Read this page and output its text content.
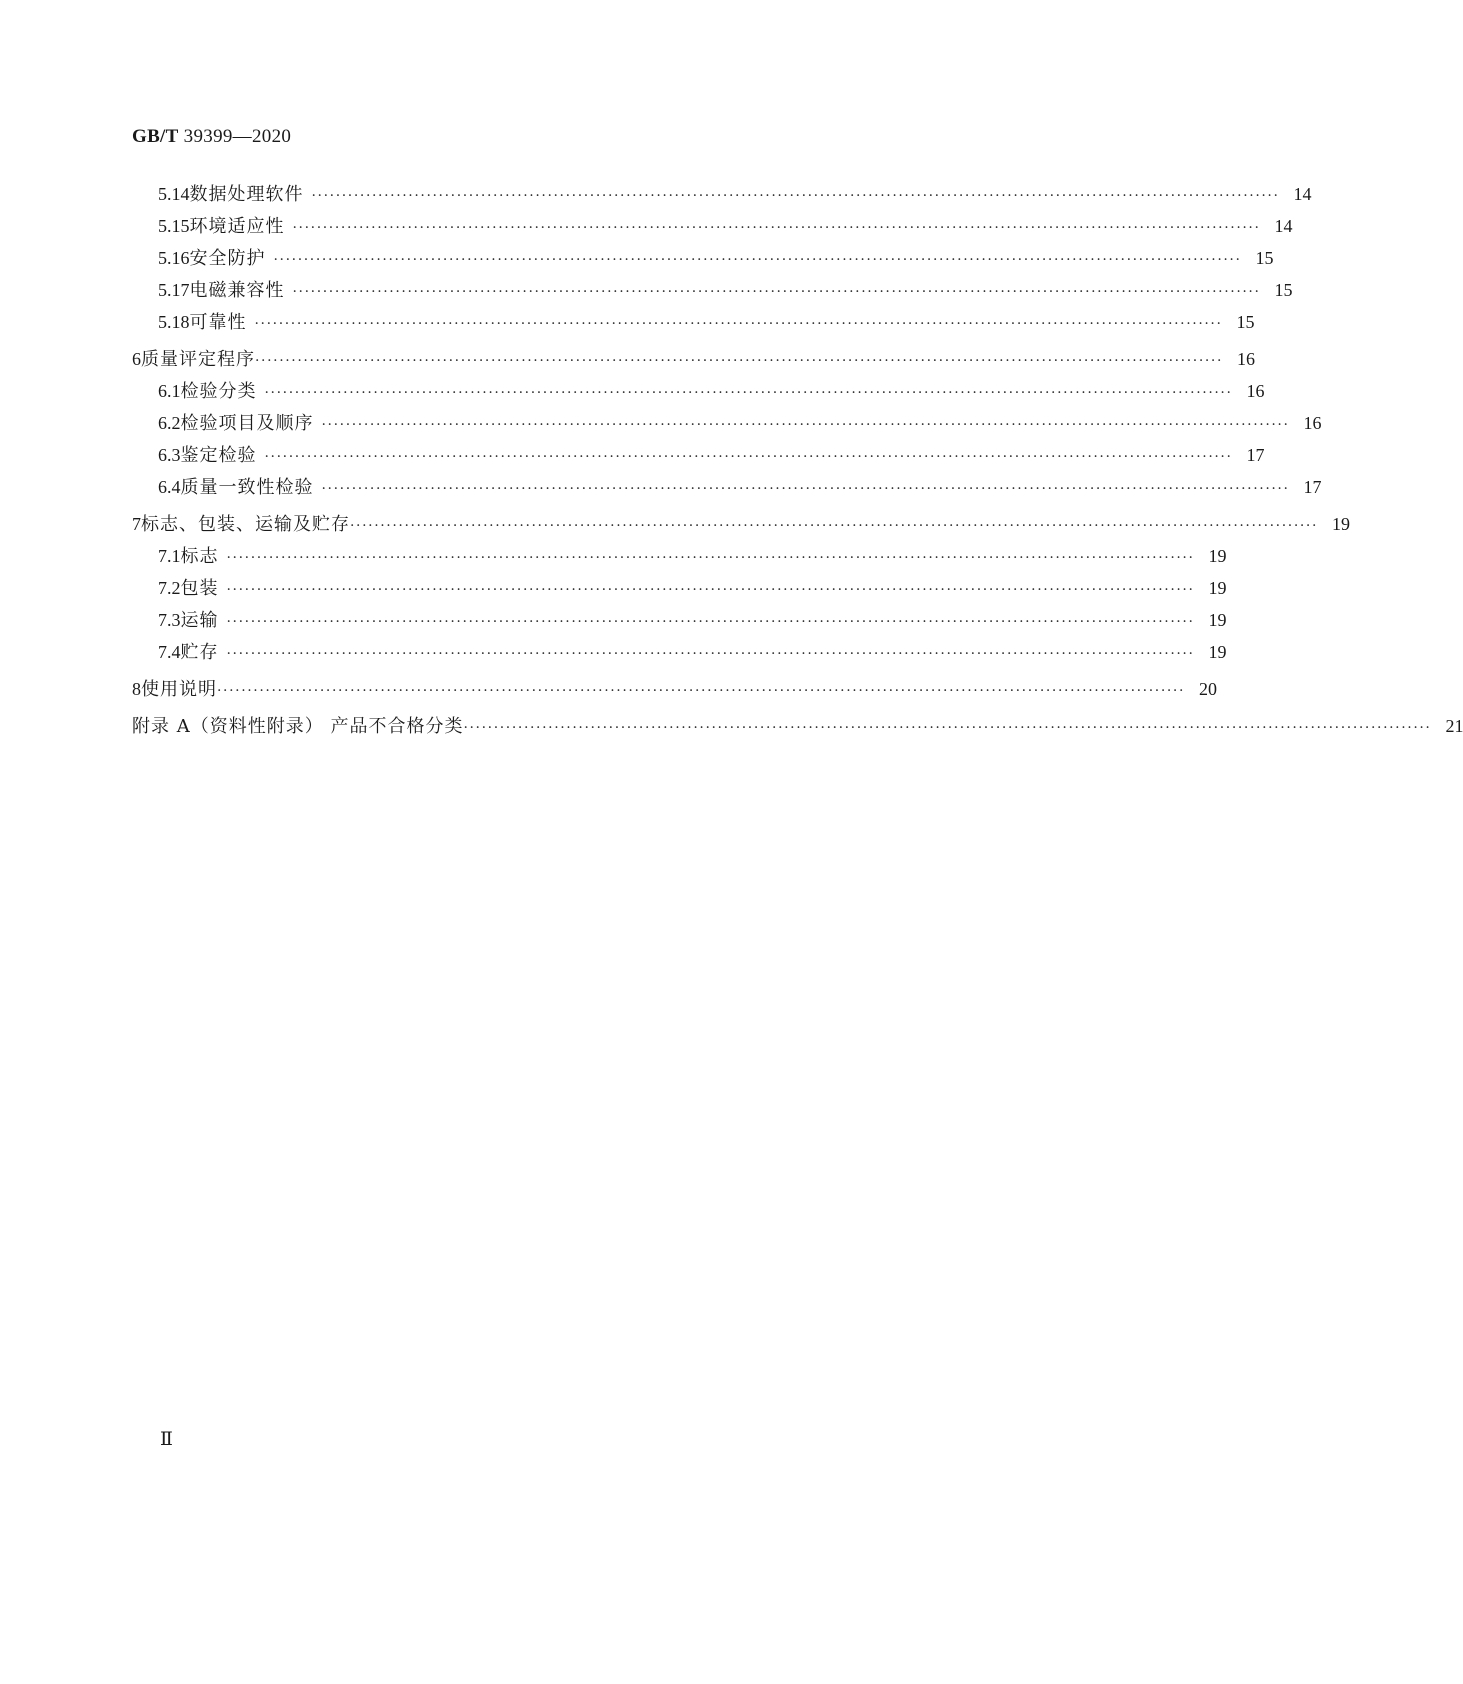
GB/T 39399—2020
5.14 数据处理软件 ································································································································································ 14
5.15 环境适应性 ································································································································································ 14
5.16 安全防护 ································································································································································ 15
5.17 电磁兼容性 ································································································································································ 15
5.18 可靠性 ································································································································································ 15
6 质量评定程序 ································································································································································ 16
6.1 检验分类 ································································································································································ 16
6.2 检验项目及顺序 ································································································································································ 16
6.3 鉴定检验 ································································································································································ 17
6.4 质量一致性检验 ································································································································································ 17
7 标志、包装、运输及贮存 ································································································································································ 19
7.1 标志 ································································································································································ 19
7.2 包装 ································································································································································ 19
7.3 运输 ································································································································································ 19
7.4 贮存 ································································································································································ 19
8 使用说明 ································································································································································ 20
附录 A（资料性附录） 产品不合格分类 ································································································································································ 21
Ⅱ
